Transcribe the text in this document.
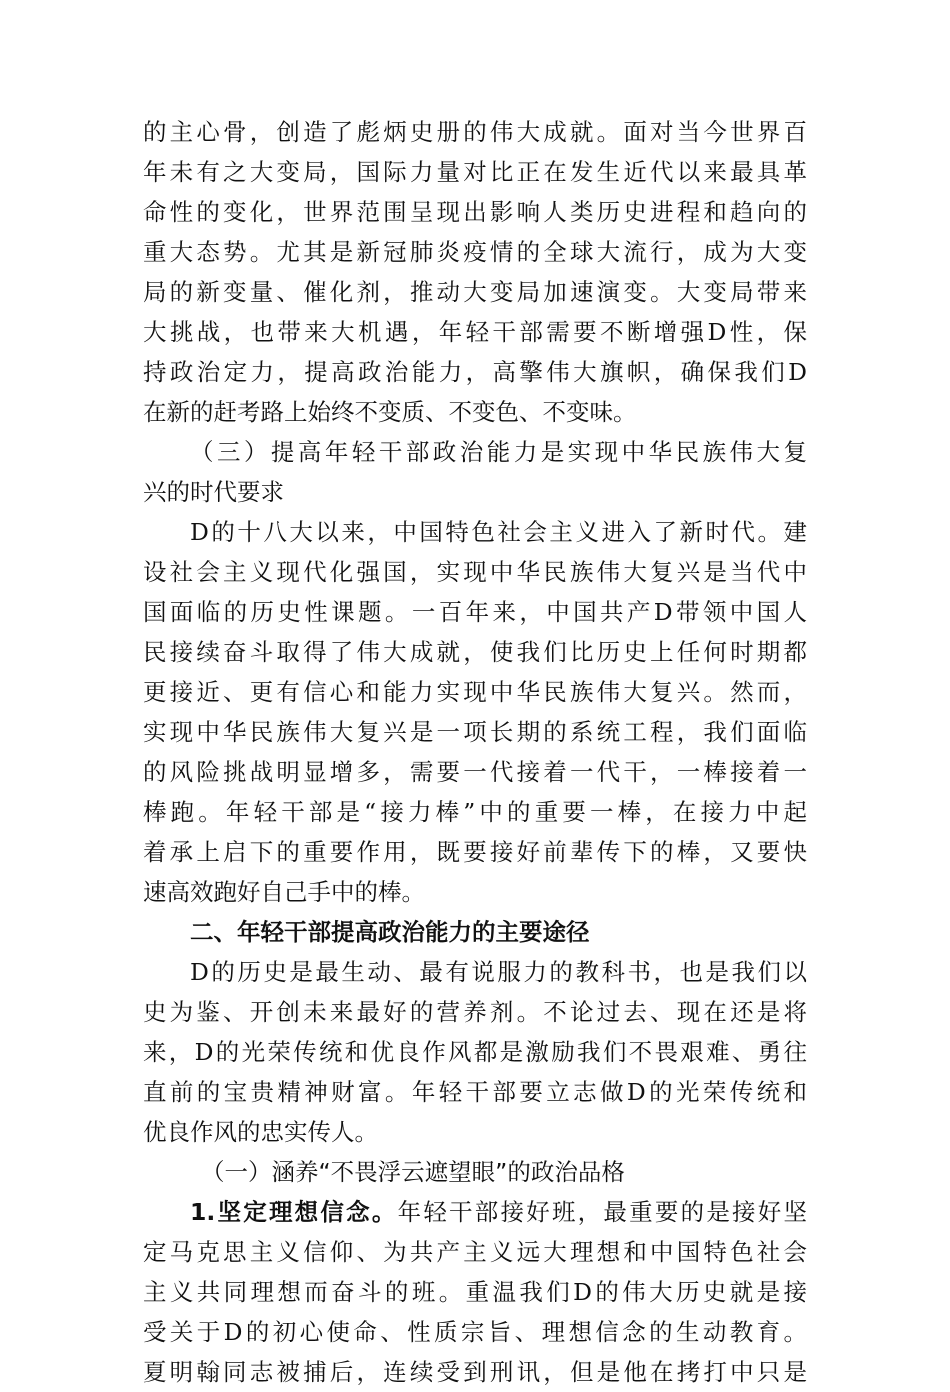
的主心骨，创造了彪炳史册的伟大成就。面对当今世界百
年未有之大变局，国际力量对比正在发生近代以来最具革
命性的变化，世界范围呈现出影响人类历史进程和趋向的
重大态势。尤其是新冠肺炎疫情的全球大流行，成为大变
局的新变量、催化剂，推动大变局加速演变。大变局带来
大挑战，也带来大机遇，年轻干部需要不断增强D性，保
持政治定力，提高政治能力，高擎伟大旗帜，确保我们D
在新的赶考路上始终不变质、不变色、不变味。
（三）提高年轻干部政治能力是实现中华民族伟大复
兴的时代要求
D的十八大以来，中国特色社会主义进入了新时代。建
设社会主义现代化强国，实现中华民族伟大复兴是当代中
国面临的历史性课题。一百年来，中国共产D带领中国人
民接续奋斗取得了伟大成就，使我们比历史上任何时期都
更接近、更有信心和能力实现中华民族伟大复兴。然而，
实现中华民族伟大复兴是一项长期的系统工程，我们面临
的风险挑战明显增多，需要一代接着一代干，一棒接着一
棒跑。年轻干部是“接力棒”中的重要一棒，在接力中起
着承上启下的重要作用，既要接好前辈传下的棒，又要快
速高效跑好自己手中的棒。
二、年轻干部提高政治能力的主要途径
D的历史是最生动、最有说服力的教科书，也是我们以
史为鉴、开创未来最好的营养剂。不论过去、现在还是将
来，D的光荣传统和优良作风都是激励我们不畏艰难、勇往
直前的宝贵精神财富。年轻干部要立志做D的光荣传统和
优良作风的忠实传人。
（一）涵养“不畏浮云遮望眼”的政治品格
1.坚定理想信念。年轻干部接好班，最重要的是接好坚
定马克思主义信仰、为共产主义远大理想和中国特色社会
主义共同理想而奋斗的班。重温我们D的伟大历史就是接
受关于D的初心使命、性质宗旨、理想信念的生动教育。
夏明翰同志被捕后，连续受到刑讯，但是他在拷打中只是
